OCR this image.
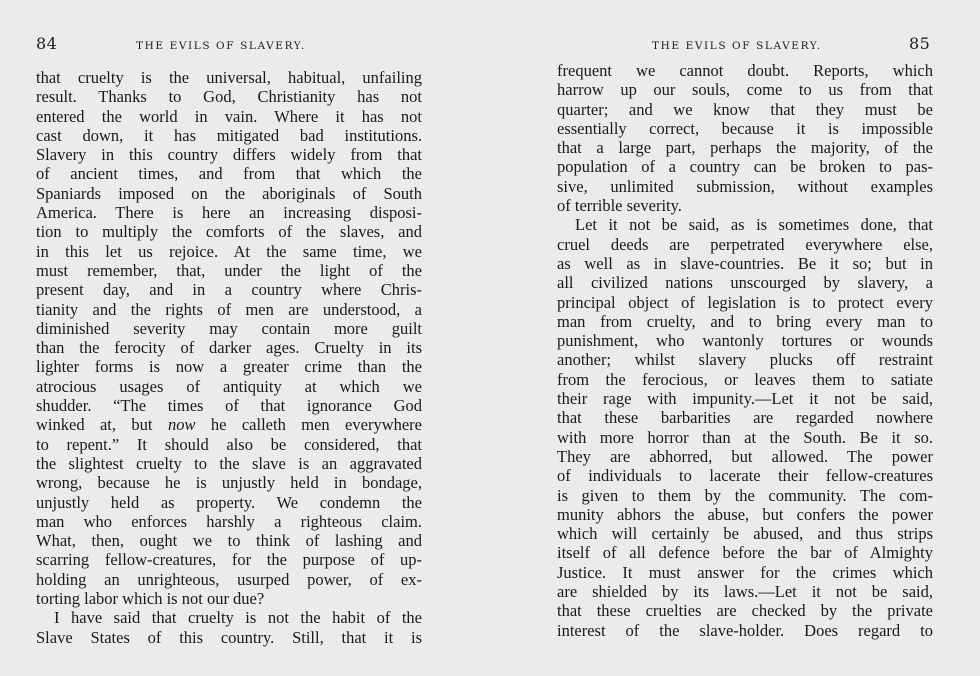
84	THE EVILS OF SLAVERY.
that cruelty is the universal, habitual, unfailing
result. Thanks to God, Christianity has not
entered the world in vain. Where it has not
cast down, it has mitigated bad institutions.
Slavery in this country differs widely from that
of ancient times, and from that which the
Spaniards imposed on the aboriginals of South
America. There is here an increasing disposi-
tion to multiply the comforts of the slaves, and
in this let us rejoice. At the same time, we
must remember, that, under the light of the
present day, and in a country where Chris-
tianity and the rights of men are understood, a
diminished severity may contain more guilt
than the ferocity of darker ages. Cruelty in its
lighter forms is now a greater crime than the
atrocious usages of antiquity at which we
shudder. “The times of that ignorance God
winked at, but now he calleth men everywhere
to repent.” It should also be considered, that
the slightest cruelty to the slave is an aggravated
wrong, because he is unjustly held in bondage,
unjustly held as property. We condemn the
man who enforces harshly a righteous claim.
What, then, ought we to think of lashing and
scarring fellow-creatures, for the purpose of up-
holding an unrighteous, usurped power, of ex-
torting labor which is not our due?
I have said that cruelty is not the habit of the
Slave States of this country. Still, that it is
THE EVILS OF SLAVERY.	85
frequent we cannot doubt. Reports, which
harrow up our souls, come to us from that
quarter; and we know that they must be
essentially correct, because it is impossible
that a large part, perhaps the majority, of the
population of a country can be broken to pas-
sive, unlimited submission, without examples
of terrible severity.
Let it not be said, as is sometimes done, that
cruel deeds are perpetrated everywhere else,
as well as in slave-countries. Be it so; but in
all civilized nations unscourged by slavery, a
principal object of legislation is to protect every
man from cruelty, and to bring every man to
punishment, who wantonly tortures or wounds
another; whilst slavery plucks off restraint
from the ferocious, or leaves them to satiate
their rage with impunity.—Let it not be said,
that these barbarities are regarded nowhere
with more horror than at the South. Be it so.
They are abhorred, but allowed. The power
of individuals to lacerate their fellow-creatures
is given to them by the community. The com-
munity abhors the abuse, but confers the power
which will certainly be abused, and thus strips
itself of all defence before the bar of Almighty
Justice. It must answer for the crimes which
are shielded by its laws.—Let it not be said,
that these cruelties are checked by the private
interest of the slave-holder. Does regard to
